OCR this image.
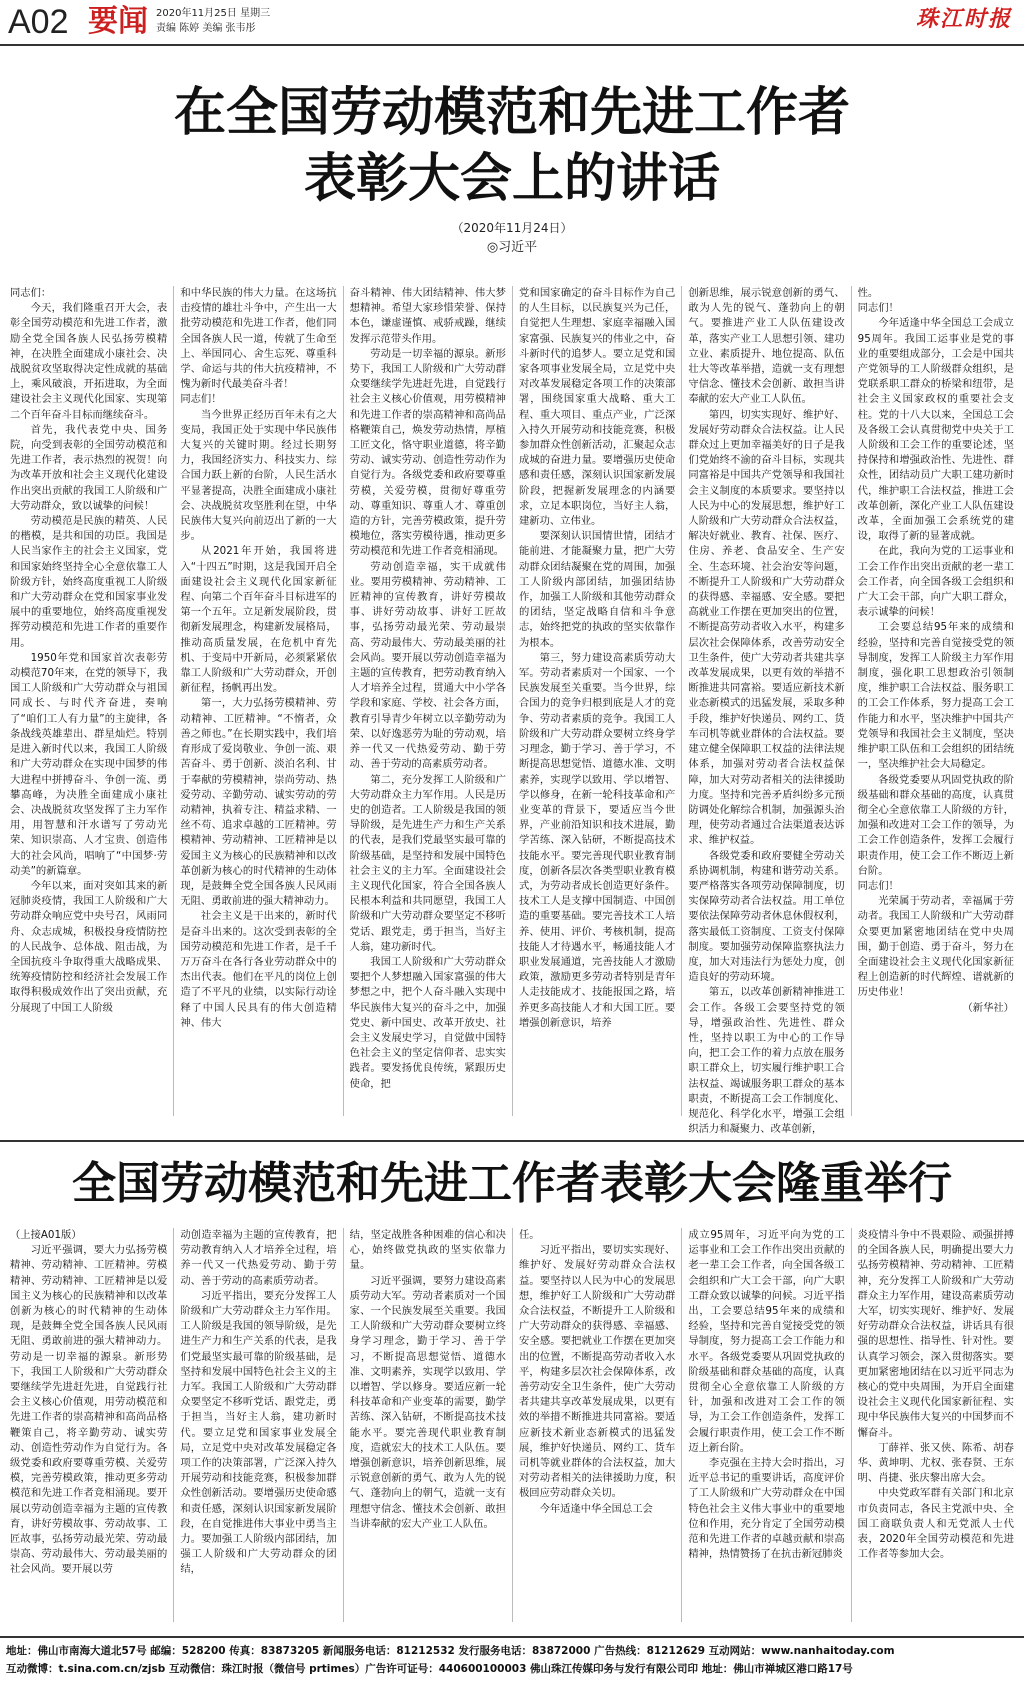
A02 要闻 2020年11月25日 星期三
责编 陈婷 美编 张韦彤	珠江时报
在全国劳动模范和先进工作者
表彰大会上的讲话
（2020年11月24日）
◎习近平

同志们：

今天，我们隆重召开大会，表彰全国劳动模范和先进工作者，激励全党全国各族人民弘扬劳模精神，在决胜全面建成小康社会、决战脱贫攻坚取得决定性成就的基础上，乘风破浪，开拓进取，为全面建设社会主义现代化国家、实现第二个百年奋斗目标而继续奋斗。

首先，我代表党中央、国务院，向受到表彰的全国劳动模范和先进工作者，表示热烈的祝贺！向为改革开放和社会主义现代化建设作出突出贡献的我国工人阶级和广大劳动群众，致以诚挚的问候！

劳动模范是民族的精英、人民的楷模，是共和国的功臣。我国是人民当家作主的社会主义国家，党和国家始终坚持全心全意依靠工人阶级方针，始终高度重视工人阶级和广大劳动群众在党和国家事业发展中的重要地位，始终高度重视发挥劳动模范和先进工作者的重要作用。

1950年党和国家首次表彰劳动模范70年来，在党的领导下，我国工人阶级和广大劳动群众与祖国同成长、与时代齐奋进，奏响了“咱们工人有力量”的主旋律，各条战线英雄辈出、群星灿烂。特别是进入新时代以来，我国工人阶级和广大劳动群众在实现中国梦的伟大进程中拼搏奋斗、争创一流、勇攀高峰，为决胜全面建成小康社会、决战脱贫攻坚发挥了主力军作用，用智慧和汗水谱写了劳动光荣、知识崇高、人才宝贵、创造伟大的社会风尚，唱响了“中国梦·劳动美”的新篇章。

今年以来，面对突如其来的新冠肺炎疫情，我国工人阶级和广大劳动群众响应党中央号召，风雨同舟、众志成城，积极投身疫情防控的人民战争、总体战、阻击战，为全国抗疫斗争取得重大战略成果、统筹疫情防控和经济社会发展工作取得积极成效作出了突出贡献，充分展现了中国工人阶级

和中华民族的伟大力量。在这场抗击疫情的雄壮斗争中，产生出一大批劳动模范和先进工作者，他们同全国各族人民一道，传就了生命至上、举国同心、舍生忘死、尊重科学、命运与共的伟大抗疫精神，不愧为新时代最美奋斗者！

同志们！

当今世界正经历百年未有之大变局，我国正处于实现中华民族伟大复兴的关键时期。经过长期努力，我国经济实力、科技实力、综合国力跃上新的台阶，人民生活水平显著提高，决胜全面建成小康社会、决战脱贫攻坚胜利在望，中华民族伟大复兴向前迈出了新的一大步。

从2021年开始，我国将进入“十四五”时期，这是我国开启全面建设社会主义现代化国家新征程、向第二个百年奋斗目标进军的第一个五年。立足新发展阶段，贯彻新发展理念，构建新发展格局，推动高质量发展，在危机中育先机、于变局中开新局，必须紧紧依靠工人阶级和广大劳动群众，开创新征程，扬帆再出发。

第一，大力弘扬劳模精神、劳动精神、工匠精神。“不惰者，众善之师也。”在长期实践中，我们培育形成了爱岗敬业、争创一流、艰苦奋斗、勇于创新、淡泊名利、甘于奉献的劳模精神，崇尚劳动、热爱劳动、辛勤劳动、诚实劳动的劳动精神，执着专注、精益求精、一丝不苟、追求卓越的工匠精神。劳模精神、劳动精神、工匠精神是以爱国主义为核心的民族精神和以改革创新为核心的时代精神的生动体现，是鼓舞全党全国各族人民风雨无阻、勇敢前进的强大精神动力。

社会主义是干出来的，新时代是奋斗出来的。这次受到表彰的全国劳动模范和先进工作者，是千千万万奋斗在各行各业劳动群众中的杰出代表。他们在平凡的岗位上创造了不平凡的业绩，以实际行动诠释了中国人民具有的伟大创造精神、伟大

奋斗精神、伟大团结精神、伟大梦想精神。希望大家珍惜荣誉、保持本色，谦虚谨慎、戒骄戒躁，继续发挥示范带头作用。

劳动是一切幸福的源泉。新形势下，我国工人阶级和广大劳动群众要继续学先进赶先进，自觉践行社会主义核心价值观，用劳模精神和先进工作者的崇高精神和高尚品格鞭策自己，焕发劳动热情，厚植工匠文化，恪守职业道德，将辛勤劳动、诚实劳动、创造性劳动作为自觉行为。各级党委和政府要尊重劳模，关爱劳模，贯彻好尊重劳动、尊重知识、尊重人才、尊重创造的方针，完善劳模政策，提升劳模地位，落实劳模待遇，推动更多劳动模范和先进工作者竞相涌现。

劳动创造幸福，实干成就伟业。要用劳模精神、劳动精神、工匠精神的宣传教育，讲好劳模故事、讲好劳动故事、讲好工匠故事，弘扬劳动最光荣、劳动最崇高、劳动最伟大、劳动最美丽的社会风尚。要开展以劳动创造幸福为主题的宣传教育，把劳动教育纳入人才培养全过程，贯通大中小学各学段和家庭、学校、社会各方面，教育引导青少年树立以辛勤劳动为荣、以好逸恶劳为耻的劳动观，培养一代又一代热爱劳动、勤于劳动、善于劳动的高素质劳动者。

第二，充分发挥工人阶级和广大劳动群众主力军作用。人民是历史的创造者。工人阶级是我国的领导阶级，是先进生产力和生产关系的代表，是我们党最坚实最可靠的阶级基础，是坚持和发展中国特色社会主义的主力军。全面建设社会主义现代化国家，符合全国各族人民根本利益和共同愿望，我国工人阶级和广大劳动群众要坚定不移听党话、跟党走，勇于担当，当好主人翁，建功新时代。

我国工人阶级和广大劳动群众要把个人梦想融入国家富强的伟大梦想之中，把个人奋斗融入实现中华民族伟大复兴的奋斗之中，加强党史、新中国史、改革开放史、社会主义发展史学习，自觉做中国特色社会主义的坚定信仰者、忠实实践者。要发扬优良传统，紧跟历史使命，把

党和国家确定的奋斗目标作为自己的人生目标，以民族复兴为己任，自觉把人生理想、家庭幸福融入国家富强、民族复兴的伟业之中，奋斗新时代的追梦人。要立足党和国家各项事业发展全局，立足党中央对改革发展稳定各项工作的决策部署，围绕国家重大战略、重大工程、重大项目、重点产业，广泛深入持久开展劳动和技能竞赛，积极参加群众性创新活动，汇聚起众志成城的奋进力量。要增强历史使命感和责任感，深刻认识国家新发展阶段，把握新发展理念的内涵要求，立足本职岗位，当好主人翁，建新功、立伟业。

要深刻认识国情世情，团结才能前进、才能凝聚力量，把广大劳动群众团结凝聚在党的周围，加强工人阶级内部团结，加强团结协作，加强工人阶级和其他劳动群众的团结，坚定战略自信和斗争意志，始终把党的执政的坚实依靠作为根本。

第三，努力建设高素质劳动大军。劳动者素质对一个国家、一个民族发展至关重要。当今世界，综合国力的竞争归根到底是人才的竞争、劳动者素质的竞争。我国工人阶级和广大劳动群众要树立终身学习理念，勤于学习、善于学习，不断提高思想觉悟、道德水准、文明素养，实现学以致用、学以增智、学以修身，在新一轮科技革命和产业变革的背景下，要适应当今世界，产业前沿知识和技术进展，勤学苦练、深入钻研，不断提高技术技能水平。要完善现代职业教育制度，创新各层次各类型职业教育模式，为劳动者成长创造更好条件。技术工人是支撑中国制造、中国创造的重要基础。要完善技术工人培养、使用、评价、考核机制，提高技能人才待遇水平，畅通技能人才职业发展通道，完善技能人才激励政策，激励更多劳动者特别是青年人走技能成才、技能报国之路，培养更多高技能人才和大国工匠。要增强创新意识，培养

创新思维，展示锐意创新的勇气、敢为人先的锐气、蓬勃向上的朝气。要推进产业工人队伍建设改革，落实产业工人思想引领、建功立业、素质提升、地位提高、队伍壮大等改革举措，造就一支有理想守信念、懂技术会创新、敢担当讲奉献的宏大产业工人队伍。

第四，切实实现好、维护好、发展好劳动群众合法权益。让人民群众过上更加幸福美好的日子是我们党始终不渝的奋斗目标，实现共同富裕是中国共产党领导和我国社会主义制度的本质要求。要坚持以人民为中心的发展思想，维护好工人阶级和广大劳动群众合法权益，解决好就业、教育、社保、医疗、住房、养老、食品安全、生产安全、生态环境、社会治安等问题，不断提升工人阶级和广大劳动群众的获得感、幸福感、安全感。要把高就业工作摆在更加突出的位置，不断提高劳动者收入水平，构建多层次社会保障体系，改善劳动安全卫生条件，使广大劳动者共建共享改革发展成果，以更有效的举措不断推进共同富裕。要适应新技术新业态新模式的迅猛发展，采取多种手段，维护好快递员、网约工、货车司机等就业群体的合法权益。要建立健全保障职工权益的法律法规体系，加强对劳动者合法权益保障，加大对劳动者相关的法律援助力度。坚持和完善矛盾纠纷多元预防调处化解综合机制，加强源头治理，使劳动者通过合法渠道表达诉求、维护权益。

各级党委和政府要健全劳动关系协调机制，构建和谐劳动关系。要严格落实各项劳动保障制度，切实保障劳动者合法权益。用工单位要依法保障劳动者休息休假权利，落实最低工资制度、工资支付保障制度。要加强劳动保障监察执法力度，加大对违法行为惩处力度，创造良好的劳动环境。

第五，以改革创新精神推进工会工作。各级工会要坚持党的领导，增强政治性、先进性、群众性，坚持以职工为中心的工作导向，把工会工作的着力点放在服务职工群众上，切实履行维护职工合法权益、竭诚服务职工群众的基本职责，不断提高工会工作制度化、规范化、科学化水平，增强工会组织活力和凝聚力、改革创新，

性。

同志们！

今年适逢中华全国总工会成立95周年。我国工运事业是党的事业的重要组成部分，工会是中国共产党领导的工人阶级群众组织，是党联系职工群众的桥梁和纽带，是社会主义国家政权的重要社会支柱。党的十八大以来，全国总工会及各级工会认真贯彻党中央关于工人阶级和工会工作的重要论述，坚持保持和增强政治性、先进性、群众性，团结动员广大职工建功新时代，维护职工合法权益，推进工会改革创新，深化产业工人队伍建设改革，全面加强工会系统党的建设，取得了新的显著成就。

在此，我向为党的工运事业和工会工作作出突出贡献的老一辈工会工作者，向全国各级工会组织和广大工会干部，向广大职工群众，表示诚挚的问候！

工会要总结95年来的成绩和经验，坚持和完善自觉接受党的领导制度，发挥工人阶级主力军作用制度，强化职工思想政治引领制度，维护职工合法权益、服务职工的工会工作体系，努力提高工会工作能力和水平，坚决维护中国共产党领导和我国社会主义制度，坚决维护职工队伍和工会组织的团结统一，坚决维护社会大局稳定。

各级党委要从巩固党执政的阶级基础和群众基础的高度，认真贯彻全心全意依靠工人阶级的方针，加强和改进对工会工作的领导，为工会工作创造条件，发挥工会履行职责作用，使工会工作不断迈上新台阶。

同志们！

光荣属于劳动者，幸福属于劳动者。我国工人阶级和广大劳动群众要更加紧密地团结在党中央周围，勤于创造、勇于奋斗，努力在全面建设社会主义现代化国家新征程上创造新的时代辉煌、谱就新的历史伟业！

（新华社）

全国劳动模范和先进工作者表彰大会隆重举行

（上接A01版）

习近平强调，要大力弘扬劳模精神、劳动精神、工匠精神。劳模精神、劳动精神、工匠精神是以爱国主义为核心的民族精神和以改革创新为核心的时代精神的生动体现，是鼓舞全党全国各族人民风雨无阻、勇敢前进的强大精神动力。劳动是一切幸福的源泉。新形势下，我国工人阶级和广大劳动群众要继续学先进赶先进，自觉践行社会主义核心价值观，用劳动模范和先进工作者的崇高精神和高尚品格鞭策自己，将辛勤劳动、诚实劳动、创造性劳动作为自觉行为。各级党委和政府要尊重劳模、关爱劳模，完善劳模政策，推动更多劳动模范和先进工作者竞相涌现。要开展以劳动创造幸福为主题的宣传教育，讲好劳模故事、劳动故事、工匠故事，弘扬劳动最光荣、劳动最崇高、劳动最伟大、劳动最美丽的社会风尚。要开展以劳

动创造幸福为主题的宣传教育，把劳动教育纳入人才培养全过程，培养一代又一代热爱劳动、勤于劳动、善于劳动的高素质劳动者。

习近平指出，要充分发挥工人阶级和广大劳动群众主力军作用。工人阶级是我国的领导阶级，是先进生产力和生产关系的代表，是我们党最坚实最可靠的阶级基础，是坚持和发展中国特色社会主义的主力军。我国工人阶级和广大劳动群众要坚定不移听党话、跟党走，勇于担当，当好主人翁，建功新时代。要立足党和国家事业发展全局，立足党中央对改革发展稳定各项工作的决策部署，广泛深入持久开展劳动和技能竞赛，积极参加群众性创新活动。要增强历史使命感和责任感，深刻认识国家新发展阶段，在自觉推进伟大事业中勇当主力。要加强工人阶级内部团结，加强工人阶级和广大劳动群众的团结，

结，坚定战胜各种困难的信心和决心，始终做党执政的坚实依靠力量。

习近平强调，要努力建设高素质劳动大军。劳动者素质对一个国家、一个民族发展至关重要。我国工人阶级和广大劳动群众要树立终身学习理念，勤于学习、善于学习，不断提高思想觉悟、道德水准、文明素养，实现学以致用、学以增智、学以修身。要适应新一轮科技革命和产业变革的需要，勤学苦练、深入钻研，不断提高技术技能水平。要完善现代职业教育制度，造就宏大的技术工人队伍。要增强创新意识，培养创新思维，展示锐意创新的勇气、敢为人先的锐气、蓬勃向上的朝气，造就一支有理想守信念、懂技术会创新、敢担当讲奉献的宏大产业工人队伍。

任。

习近平指出，要切实实现好、维护好、发展好劳动群众合法权益。要坚持以人民为中心的发展思想，维护好工人阶级和广大劳动群众合法权益，不断提升工人阶级和广大劳动群众的获得感、幸福感、安全感。要把就业工作摆在更加突出的位置，不断提高劳动者收入水平，构建多层次社会保障体系，改善劳动安全卫生条件，使广大劳动者共建共享改革发展成果，以更有效的举措不断推进共同富裕。要适应新技术新业态新模式的迅猛发展，维护好快递员、网约工、货车司机等就业群体的合法权益，加大对劳动者相关的法律援助力度，积极回应劳动群众关切。

今年适逢中华全国总工会

成立95周年，习近平向为党的工运事业和工会工作作出突出贡献的老一辈工会工作者，向全国各级工会组织和广大工会干部，向广大职工群众致以诚挚的问候。习近平指出，工会要总结95年来的成绩和经验，坚持和完善自觉接受党的领导制度，努力提高工会工作能力和水平。各级党委要从巩固党执政的阶级基础和群众基础的高度，认真贯彻全心全意依靠工人阶级的方针，加强和改进对工会工作的领导，为工会工作创造条件，发挥工会履行职责作用，使工会工作不断迈上新台阶。

李克强在主持大会时指出，习近平总书记的重要讲话，高度评价了工人阶级和广大劳动群众在中国特色社会主义伟大事业中的重要地位和作用，充分肯定了全国劳动模范和先进工作者的卓越贡献和崇高精神，热情赞扬了在抗击新冠肺炎

炎疫情斗争中不畏艰险、顽强拼搏的全国各族人民，明确提出要大力弘扬劳模精神、劳动精神、工匠精神，充分发挥工人阶级和广大劳动群众主力军作用，建设高素质劳动大军，切实实现好、维护好、发展好劳动群众合法权益，讲话具有很强的思想性、指导性、针对性。要认真学习领会，深入贯彻落实。要更加紧密地团结在以习近平同志为核心的党中央周围，为开启全面建设社会主义现代化国家新征程、实现中华民族伟大复兴的中国梦而不懈奋斗。

丁薛祥、张又侠、陈希、胡春华、黄坤明、尤权、张春贤、王东明、肖捷、张庆黎出席大会。

中央党政军群有关部门和北京市负责同志，各民主党派中央、全国工商联负责人和无党派人士代表，2020年全国劳动模范和先进工作者等参加大会。

地址：佛山市南海大道北57号 邮编：528200 传真：83873205 新闻服务电话：81212532 发行服务电话：83872000 广告热线：81212629 互动网站：www.nanhaitoday.com
互动微博：t.sina.com.cn/zjsb 互动微信：珠江时报（微信号 prtimes）广告许可证号：440600100003 佛山珠江传媒印务与发行有限公司印 地址：佛山市禅城区港口路17号
